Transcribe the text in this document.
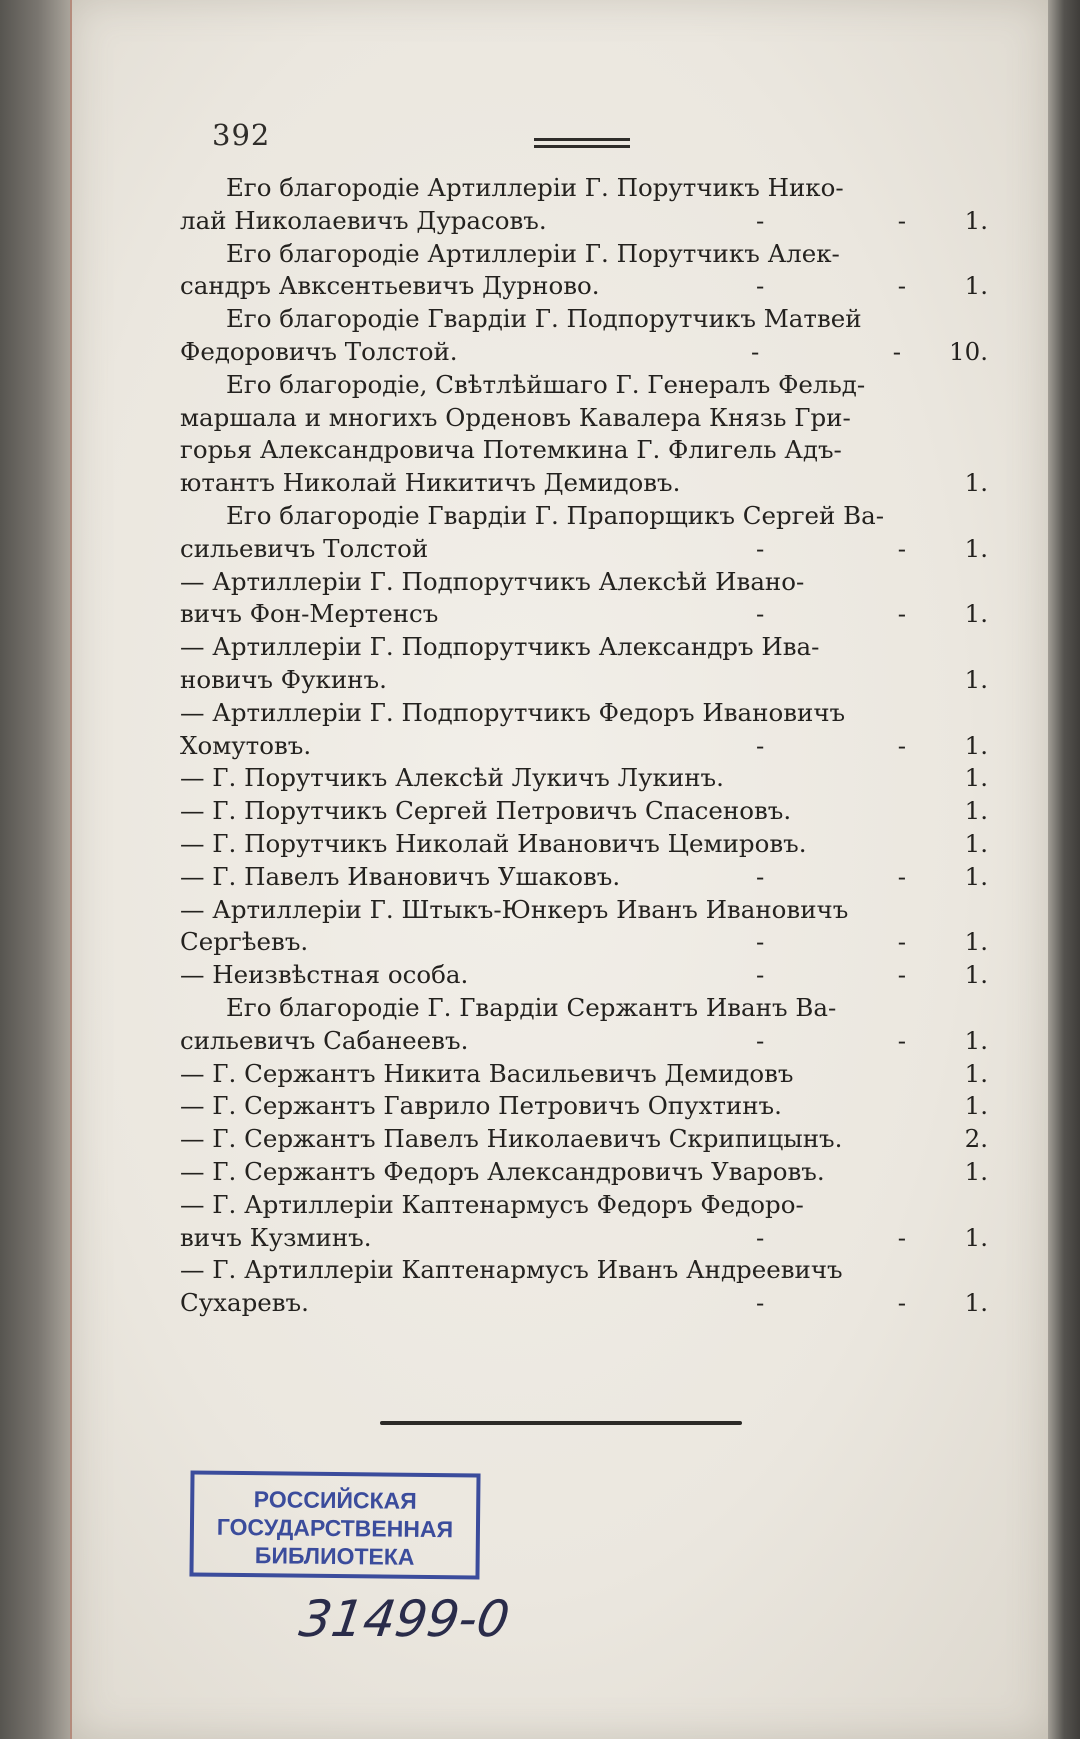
392
Его благородіе Артиллеріи Г. Порутчикъ Нико-
лай Николаевичъ Дурасовъ.	-	-	1.
Его благородіе Артиллеріи Г. Порутчикъ Алек-
сандръ Авксентьевичъ Дурново.	-	-	1.
Его благородіе Гвардіи Г. Подпорутчикъ Матвей
Федоровичъ Толстой.	-	- 10.
Его благородіе, Свѣтлѣйшаго Г. Генералъ Фельд-
маршала и многихъ Орденовъ Кавалера Князь Гри-
горья Александровича Потемкина Г. Флигель Адъ-
ютантъ Николай Никитичъ Демидовъ.	1.
Его благородіе Гвардіи Г. Прапорщикъ Сергей Ва-
сильевичъ Толстой	-	-	1.
— Артиллеріи Г. Подпорутчикъ Алексѣй Ивано-
вичъ Фон-Мертенсъ	-	-	1.
— Артиллеріи Г. Подпорутчикъ Александръ Ива-
новичъ Фукинъ.	1.
— Артиллеріи Г. Подпорутчикъ Федоръ Ивановичъ
Хомутовъ.	-	-	1.
— Г. Порутчикъ Алексѣй Лукичъ Лукинъ.	1.
— Г. Порутчикъ Сергей Петровичъ Спасеновъ.	1.
— Г. Порутчикъ Николай Ивановичъ Цемировъ.	1.
— Г. Павелъ Ивановичъ Ушаковъ.	-	-	1.
— Артиллеріи Г. Штыкъ-Юнкеръ Иванъ Ивановичъ
Сергѣевъ.	-	-	1.
— Неизвѣстная особа.	-	-	1.
Его благородіе Г. Гвардіи Сержантъ Иванъ Ва-
сильевичъ Сабанеевъ.	-	-	1.
— Г. Сержантъ Никита Васильевичъ Демидовъ	1.
— Г. Сержантъ Гаврило Петровичъ Опухтинъ.	1.
— Г. Сержантъ Павелъ Николаевичъ Скрипицынъ.	2.
— Г. Сержантъ Федоръ Александровичъ Уваровъ.	1.
— Г. Артиллеріи Каптенармусъ Федоръ Федоро-
вичъ Кузминъ.	-	-	1.
— Г. Артиллеріи Каптенармусъ Иванъ Андреевичъ
Сухаревъ.	-	-	1.
РОССИЙСКАЯ
ГОСУДАРСТВЕННАЯ
БИБЛИОТЕКА
31499-0
